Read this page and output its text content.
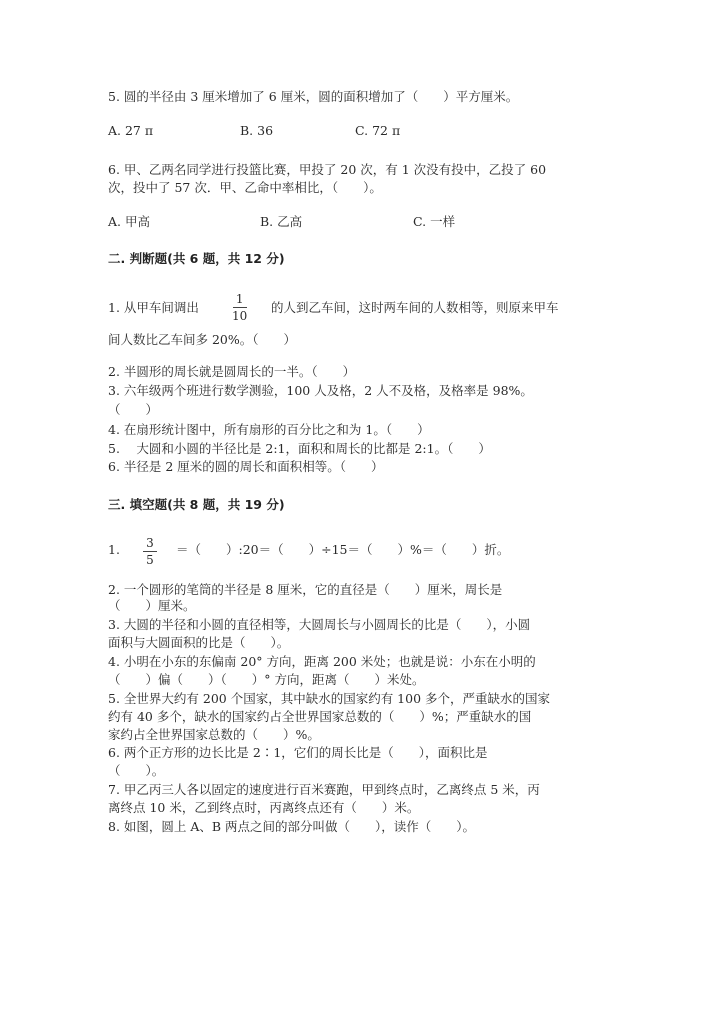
5. 圆的半径由 3 厘米增加了 6 厘米，圆的面积增加了（　　）平方厘米。
A. 27 π	B. 36	C. 72 π
6. 甲、乙两名同学进行投篮比赛，甲投了 20 次，有 1 次没有投中，乙投了 60
次，投中了 57 次．甲、乙命中率相比，（　　）。
A. 甲高	B. 乙高	C. 一样
二. 判断题(共 6 题，共 12 分)
1. 从甲车间调出
1
10
的人到乙车间，这时两车间的人数相等，则原来甲车
间人数比乙车间多 20%。（　　）
2. 半圆形的周长就是圆周长的一半。（　　）
3. 六年级两个班进行数学测验，100 人及格，2 人不及格，及格率是 98%。
（　　）
4. 在扇形统计图中，所有扇形的百分比之和为 1。（　　）
5.　 大圆和小圆的半径比是 2:1，面积和周长的比都是 2:1。（　　）
6. 半径是 2 厘米的圆的周长和面积相等。（　　）
三. 填空题(共 8 题，共 19 分)
1. 3
5
＝（　　）:20＝（　　）÷15＝（　　）%＝（　　）折。
2. 一个圆形的笔筒的半径是 8 厘米，它的直径是（　　）厘米，周长是
（　　）厘米。
3. 大圆的半径和小圆的直径相等，大圆周长与小圆周长的比是（　　），小圆
面积与大圆面积的比是（　　）。
4. 小明在小东的东偏南 20° 方向，距离 200 米处；也就是说：小东在小明的
（　　）偏（　　）（　　）° 方向，距离（　　）米处。
5. 全世界大约有 200 个国家，其中缺水的国家约有 100 多个，严重缺水的国家
约有 40 多个，缺水的国家约占全世界国家总数的（　　）%；严重缺水的国
家约占全世界国家总数的（　　）%。
6. 两个正方形的边长比是 2∶1，它们的周长比是（　　），面积比是
（　　）。
7. 甲乙丙三人各以固定的速度进行百米赛跑，甲到终点时，乙离终点 5 米，丙
离终点 10 米，乙到终点时，丙离终点还有（　　）米。
8. 如图，圆上 A、B 两点之间的部分叫做（　　），读作（　　）。
